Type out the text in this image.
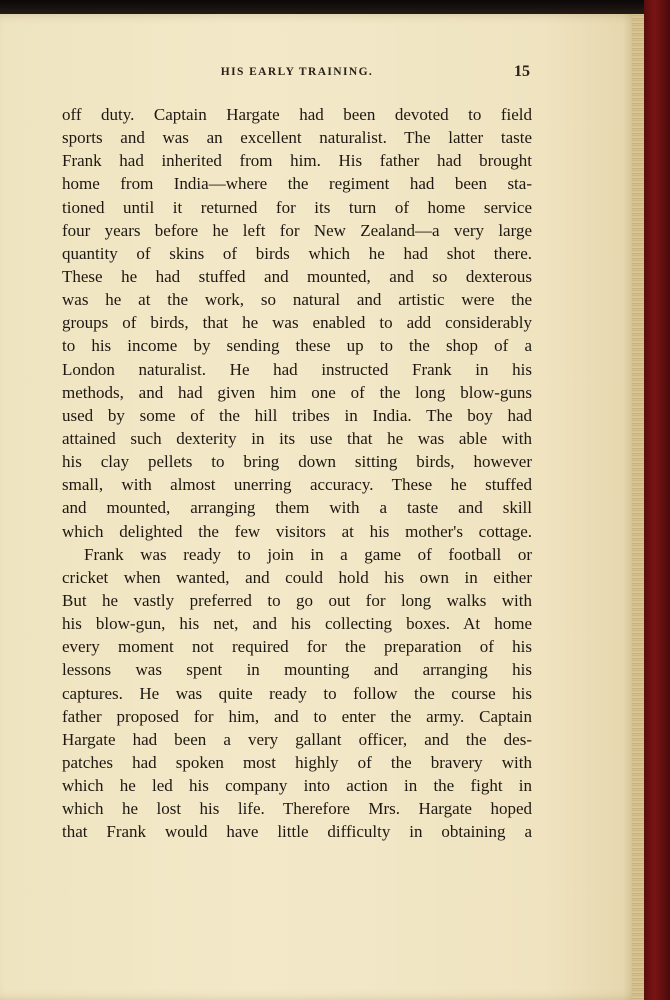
HIS EARLY TRAINING.	15
off duty. Captain Hargate had been devoted to field
sports and was an excellent naturalist. The latter taste
Frank had inherited from him. His father had brought
home from India—where the regiment had been sta-
tioned until it returned for its turn of home service
four years before he left for New Zealand—a very large
quantity of skins of birds which he had shot there.
These he had stuffed and mounted, and so dexterous
was he at the work, so natural and artistic were the
groups of birds, that he was enabled to add considerably
to his income by sending these up to the shop of a
London naturalist. He had instructed Frank in his
methods, and had given him one of the long blow-guns
used by some of the hill tribes in India. The boy had
attained such dexterity in its use that he was able with
his clay pellets to bring down sitting birds, however
small, with almost unerring accuracy. These he stuffed
and mounted, arranging them with a taste and skill
which delighted the few visitors at his mother's cottage.
Frank was ready to join in a game of football or
cricket when wanted, and could hold his own in either
But he vastly preferred to go out for long walks with
his blow-gun, his net, and his collecting boxes. At home
every moment not required for the preparation of his
lessons was spent in mounting and arranging his
captures. He was quite ready to follow the course his
father proposed for him, and to enter the army. Captain
Hargate had been a very gallant officer, and the des-
patches had spoken most highly of the bravery with
which he led his company into action in the fight in
which he lost his life. Therefore Mrs. Hargate hoped
that Frank would have little difficulty in obtaining a
